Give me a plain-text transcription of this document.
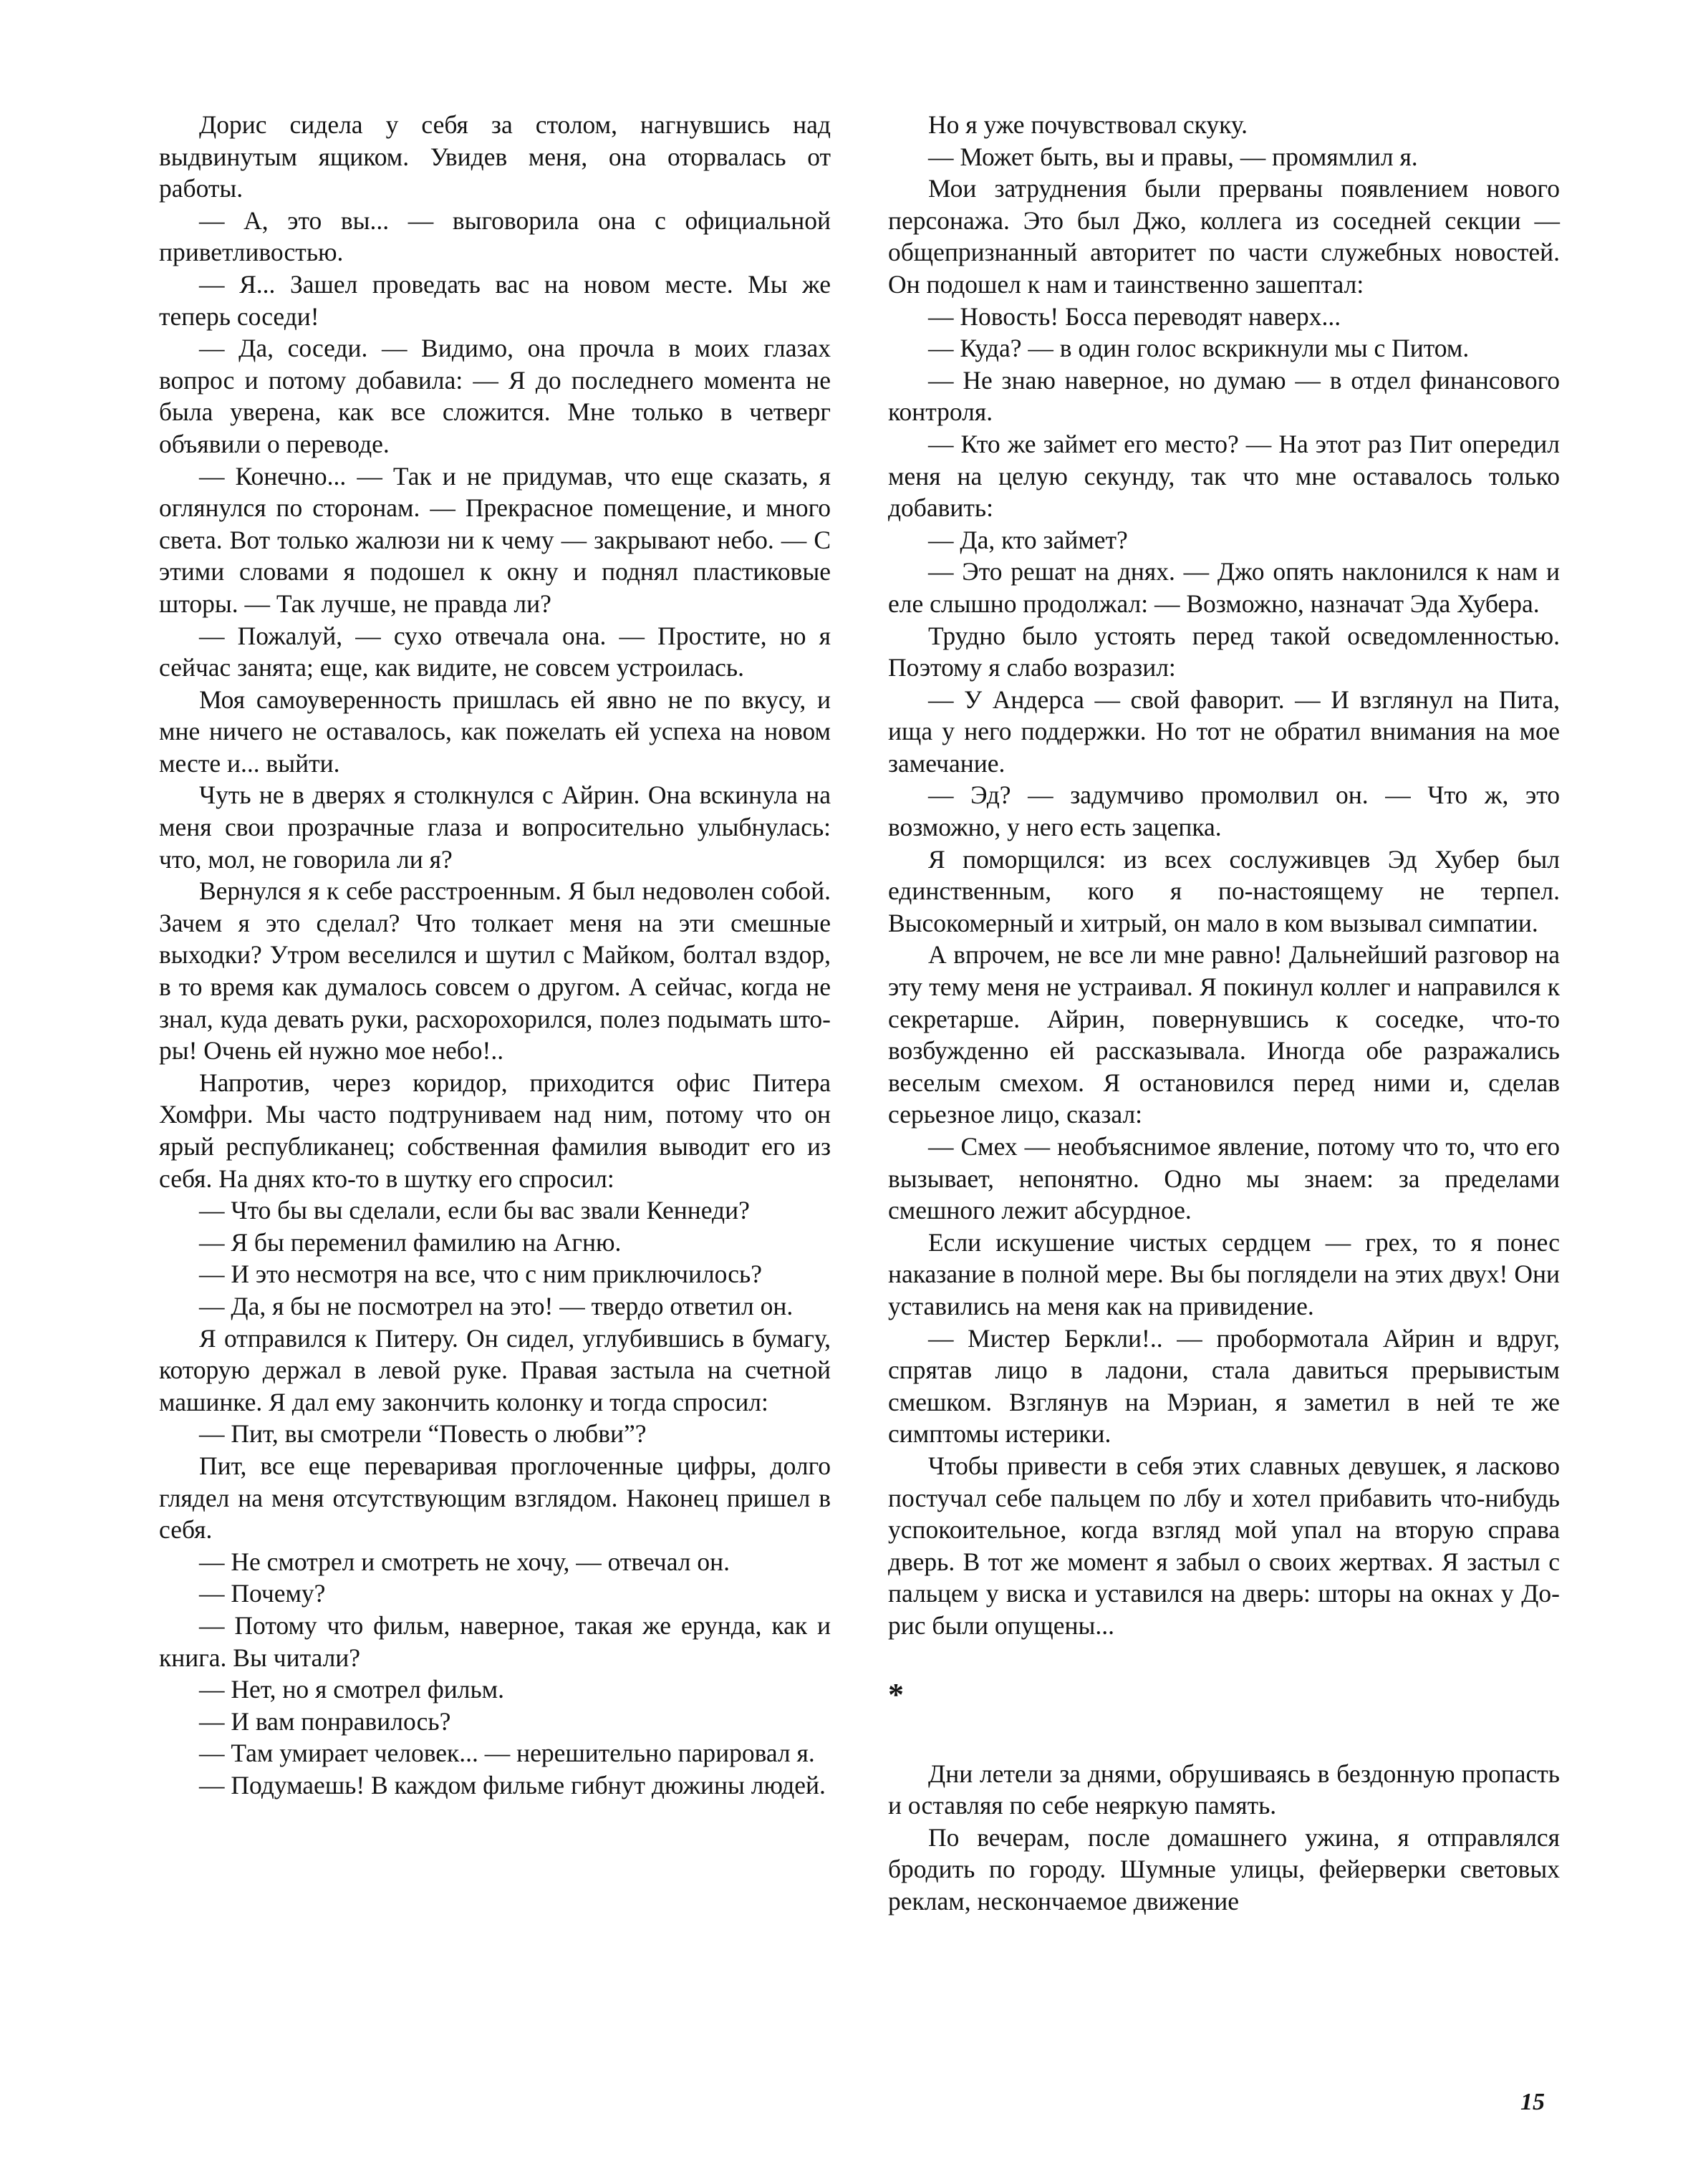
Дорис сидела у себя за столом, нагнувшись над выдвинутым ящиком. Увидев меня, она оторвалась от работы.

— А, это вы... — выговорила она с официальной приветливостью.

— Я... Зашел проведать вас на новом месте. Мы же теперь соседи!

— Да, соседи. — Видимо, она прочла в моих глазах вопрос и потому добавила: — Я до последнего момента не была уверена, как все сложится. Мне только в четверг объявили о переводе.

— Конечно... — Так и не придумав, что еще сказать, я оглянулся по сторонам. — Прекрасное помещение, и много света. Вот только жалюзи ни к чему — закрывают небо. — С этими словами я подошел к окну и поднял пластиковые шторы. — Так лучше, не правда ли?

— Пожалуй, — сухо отвечала она. — Простите, но я сейчас занята; еще, как видите, не совсем устроилась.

Моя самоуверенность пришлась ей явно не по вкусу, и мне ничего не оставалось, как пожелать ей успеха на новом месте и... выйти.

Чуть не в дверях я столкнулся с Айрин. Она вскинула на меня свои прозрачные глаза и вопросительно улыбнулась: что, мол, не говорила ли я?

Вернулся я к себе расстроенным. Я был недоволен собой. Зачем я это сделал? Что толкает меня на эти смешные выходки? Утром веселился и шутил с Майком, болтал вздор, в то время как думалось совсем о другом. А сейчас, когда не знал, куда девать руки, расхорохорился, полез подымать шторы! Очень ей нужно мое небо!..

Напротив, через коридор, приходится офис Питера Хомфри. Мы часто подтруниваем над ним, потому что он ярый республиканец; собственная фамилия выводит его из себя. На днях кто-то в шутку его спросил:

— Что бы вы сделали, если бы вас звали Кеннеди?

— Я бы переменил фамилию на Агню.

— И это несмотря на все, что с ним приключилось?

— Да, я бы не посмотрел на это! — твердо ответил он.

Я отправился к Питеру. Он сидел, углубившись в бумагу, которую держал в левой руке. Правая застыла на счетной машинке. Я дал ему закончить колонку и тогда спросил:

— Пит, вы смотрели “Повесть о любви”?

Пит, все еще переваривая проглоченные цифры, долго глядел на меня отсутствующим взглядом. Наконец пришел в себя.

— Не смотрел и смотреть не хочу, — отвечал он.

— Почему?

— Потому что фильм, наверное, такая же ерунда, как и книга. Вы читали?

— Нет, но я смотрел фильм.

— И вам понравилось?

— Там умирает человек... — нерешительно парировал я.

— Подумаешь! В каждом фильме гибнут дюжины людей.

Но я уже почувствовал скуку.

— Может быть, вы и правы, — промямлил я.

Мои затруднения были прерваны появлением нового персонажа. Это был Джо, коллега из соседней секции — общепризнанный авторитет по части служебных новостей. Он подошел к нам и таинственно зашептал:

— Новость! Босса переводят наверх...

— Куда? — в один голос вскрикнули мы с Питом.

— Не знаю наверное, но думаю — в отдел финансового контроля.

— Кто же займет его место? — На этот раз Пит опередил меня на целую секунду, так что мне оставалось только добавить:

— Да, кто займет?

— Это решат на днях. — Джо опять наклонился к нам и еле слышно продолжал: — Возможно, назначат Эда Хубера.

Трудно было устоять перед такой осведомленностью. Поэтому я слабо возразил:

— У Андерса — свой фаворит. — И взглянул на Пита, ища у него поддержки. Но тот не обратил внимания на мое замечание.

— Эд? — задумчиво промолвил он. — Что ж, это возможно, у него есть зацепка.

Я поморщился: из всех сослуживцев Эд Хубер был единственным, кого я по-настоящему не терпел. Высокомерный и хитрый, он мало в ком вызывал симпатии.

А впрочем, не все ли мне равно! Дальнейший разговор на эту тему меня не устраивал. Я покинул коллег и направился к секретарше. Айрин, повернувшись к соседке, что-то возбужденно ей рассказывала. Иногда обе разражались веселым смехом. Я остановился перед ними и, сделав серьезное лицо, сказал:

— Смех — необъяснимое явление, потому что то, что его вызывает, непонятно. Одно мы знаем: за пределами смешного лежит абсурдное.

Если искушение чистых сердцем — грех, то я понес наказание в полной мере. Вы бы поглядели на этих двух! Они уставились на меня как на привидение.

— Мистер Беркли!.. — пробормотала Айрин и вдруг, спрятав лицо в ладони, стала давиться прерывистым смешком. Взглянув на Мэриан, я заметил в ней те же симптомы истерики.

Чтобы привести в себя этих славных девушек, я ласково постучал себе пальцем по лбу и хотел прибавить что-нибудь успокоительное, когда взгляд мой упал на вторую справа дверь. В тот же момент я забыл о своих жертвах. Я застыл с пальцем у виска и уставился на дверь: шторы на окнах у Дорис были опущены...

*

Дни летели за днями, обрушиваясь в бездонную пропасть и оставляя по себе неяркую память.

По вечерам, после домашнего ужина, я отправлялся бродить по городу. Шумные улицы, фейерверки световых реклам, нескончаемое движение

15
